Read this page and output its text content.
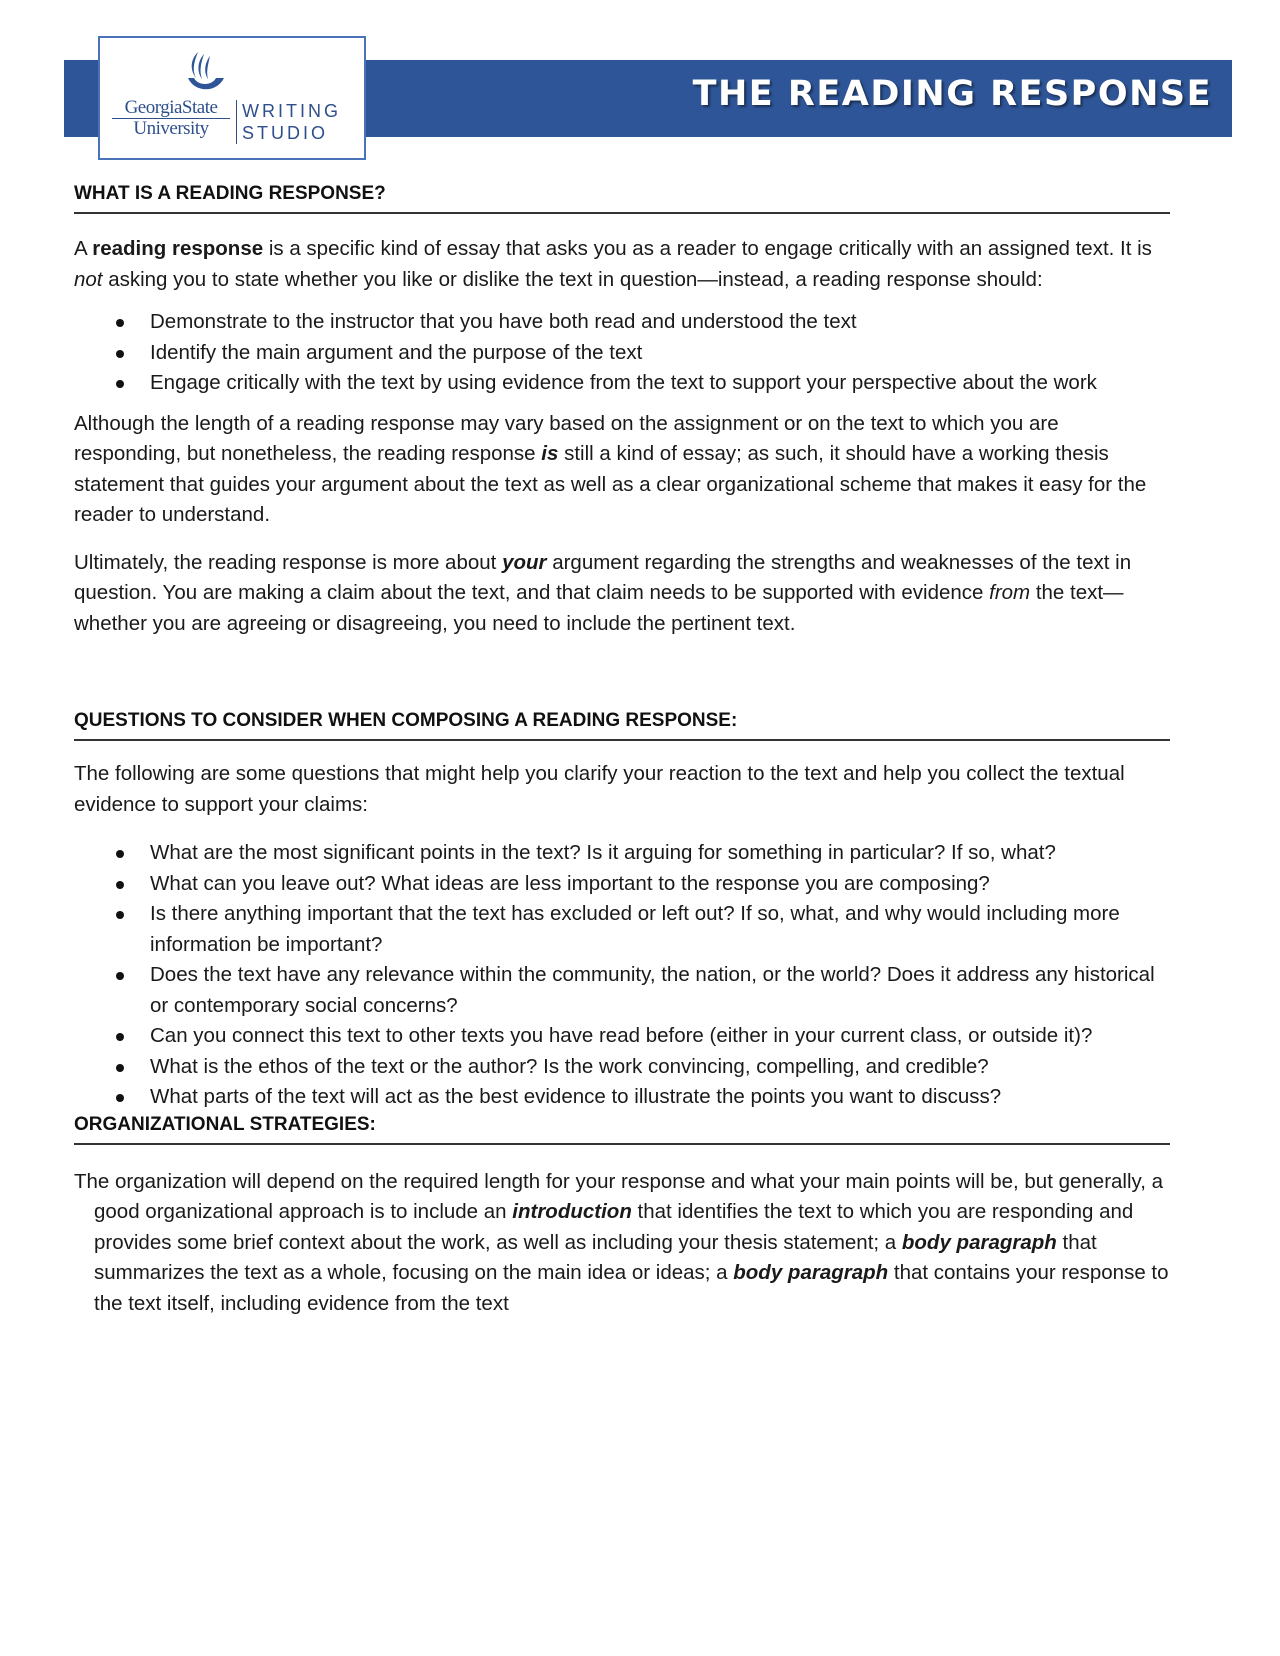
THE READING RESPONSE
GeorgiaState
University
WRITING
STUDIO
WHAT IS A READING RESPONSE?

A reading response is a specific kind of essay that asks you as a reader to engage critically with an assigned text. It is not asking you to state whether you like or dislike the text in question—instead, a reading response should:

Demonstrate to the instructor that you have both read and understood the text
Identify the main argument and the purpose of the text
Engage critically with the text by using evidence from the text to support your perspective about the work

Although the length of a reading response may vary based on the assignment or on the text to which you are responding, but nonetheless, the reading response is still a kind of essay; as such, it should have a working thesis statement that guides your argument about the text as well as a clear organizational scheme that makes it easy for the reader to understand.

Ultimately, the reading response is more about your argument regarding the strengths and weaknesses of the text in question. You are making a claim about the text, and that claim needs to be supported with evidence from the text—whether you are agreeing or disagreeing, you need to include the pertinent text.

QUESTIONS TO CONSIDER WHEN COMPOSING A READING RESPONSE:

The following are some questions that might help you clarify your reaction to the text and help you collect the textual evidence to support your claims:

What are the most significant points in the text? Is it arguing for something in particular? If so, what?
What can you leave out? What ideas are less important to the response you are composing?
Is there anything important that the text has excluded or left out? If so, what, and why would including more information be important?
Does the text have any relevance within the community, the nation, or the world? Does it address any historical or contemporary social concerns?
Can you connect this text to other texts you have read before (either in your current class, or outside it)?
What is the ethos of the text or the author? Is the work convincing, compelling, and credible?
What parts of the text will act as the best evidence to illustrate the points you want to discuss?
ORGANIZATIONAL STRATEGIES:

The organization will depend on the required length for your response and what your main points will be, but generally, a good organizational approach is to include an introduction that identifies the text to which you are responding and provides some brief context about the work, as well as including your thesis statement; a body paragraph that summarizes the text as a whole, focusing on the main idea or ideas; a body paragraph that contains your response to the text itself, including evidence from the text
